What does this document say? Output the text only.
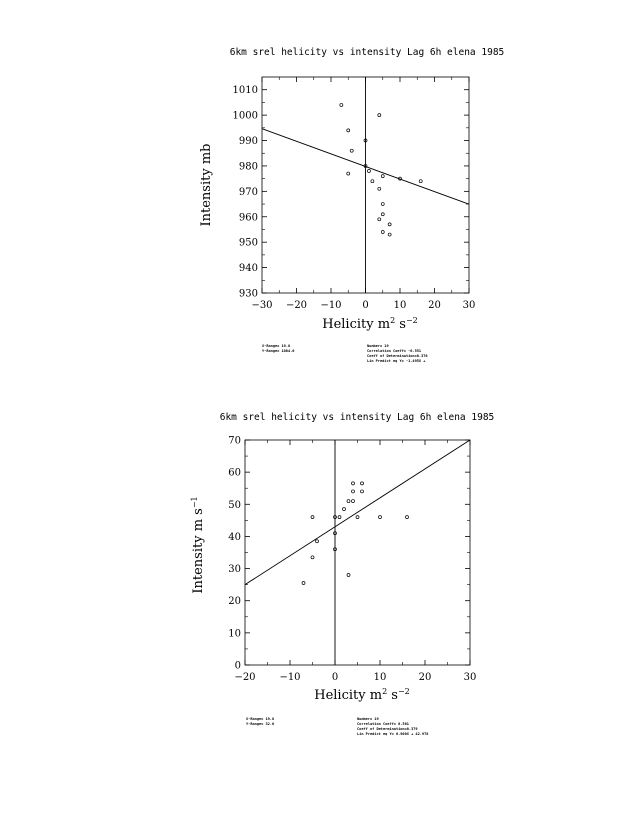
6km srel helicity vs intensity Lag 6h elena 1985
−30 −20 −10 0 10 20 30
930
940
950
960
970
980
990
1000
1010
Helicity $m^2$ $s^{-2}$
Intensity mb
X-Range= 19.8
Y-Range= 1004.6
Number= 19
Correlation Coeff= -0.551
Coeff of Determination=0.376
Lin Predict eq Y= -1.495X +
6km srel helicity vs intensity Lag 6h elena 1985
−20 −10	0	10	20	30
0
10
20
30
40
50
60
70
Helicity $m^2$ $s^{-2}$
Intensity m $s^{-1}$
X-Range= 19.8
Y-Range= 32.6
Number= 19
Correlation Coeff= 0.561
Coeff of Determination=0.379
Lin Predict eq Y= 0.900X + 42.978
